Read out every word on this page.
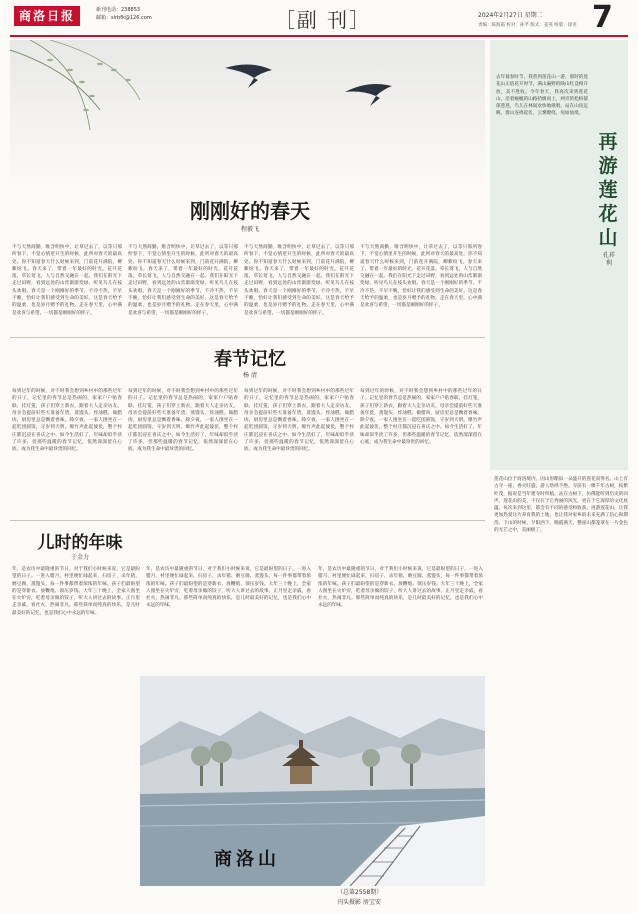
商洛日报	新刊电话：238853
邮箱：slrbfk@126.com	［副 刊］	2024年2月27日 星期二
责编：陈海霞 校对：孙芊 版式：姜英 组版：徐亚 7
刚刚好的春天
程毅飞
不与天然商勤，唯含明快中，让草过去了，以等只那所春下，不觉心情里开生的时候，此所对春天的最高处。你不知道春天什么时候来到，门前花开满院，柳絮纷飞。春天来了，带着一年最好的时光，花开花落，草长莺飞，人与自然交融在一起。我们在阳光下走过田野，看到远处的山峦渐渐变绿，听见鸟儿在枝头欢唱。春天是一个刚刚好的季节，不冷不热，不早不晚，恰好让我们感受到生命的美好。这是春天给予的温柔，也是岁月赠予的礼物。走在春天里，心中满是欢喜与希望，一切都是刚刚好的样子。
不与天然商勤，唯含明快中，让草过去了，以等只那所春下，不觉心情里开生的时候，此所对春天的最高处。你不知道春天什么时候来到，门前花开满院，柳絮纷飞。春天来了，带着一年最好的时光，花开花落，草长莺飞，人与自然交融在一起。我们在阳光下走过田野，看到远处的山峦渐渐变绿，听见鸟儿在枝头欢唱。春天是一个刚刚好的季节，不冷不热，不早不晚，恰好让我们感受到生命的美好。这是春天给予的温柔，也是岁月赠予的礼物。走在春天里，心中满是欢喜与希望，一切都是刚刚好的样子。
不与天然商勤，唯含明快中，让草过去了，以等只那所春下，不觉心情里开生的时候，此所对春天的最高处。你不知道春天什么时候来到，门前花开满院，柳絮纷飞。春天来了，带着一年最好的时光，花开花落，草长莺飞，人与自然交融在一起。我们在阳光下走过田野，看到远处的山峦渐渐变绿，听见鸟儿在枝头欢唱。春天是一个刚刚好的季节，不冷不热，不早不晚，恰好让我们感受到生命的美好。这是春天给予的温柔，也是岁月赠予的礼物。走在春天里，心中满是欢喜与希望，一切都是刚刚好的样子。
不与天然商勤，唯含明快中，让草过去了，以等只那所春下，不觉心情里开生的时候，此所对春天的最高处。你不知道春天什么时候来到，门前花开满院，柳絮纷飞。春天来了，带着一年最好的时光，花开花落，草长莺飞，人与自然交融在一起。我们在阳光下走过田野，看到远处的山峦渐渐变绿，听见鸟儿在枝头欢唱。春天是一个刚刚好的季节，不冷不热，不早不晚，恰好让我们感受到生命的美好。这是春天给予的温柔，也是岁月赠予的礼物。走在春天里，心中满是欢喜与希望，一切都是刚刚好的样子。
春节记忆
杨 清
每到过年的时候，对不时我会想到乡村中的那些过年的日子。记忆里的春节总是热闹的，家家户户贴春联、挂灯笼，孩子们穿上新衣，跟着大人走亲访友。母亲会提前好些天准备年货，蒸馒头、炸油糕、做腊肉，厨房里总是飘着香味。除夕夜，一家人围坐在一起吃团圆饭，守岁到天明。爆竹声此起彼伏，整个村庄都沉浸在喜庆之中。如今生活好了，年味却似乎淡了许多，但那些温暖的春节记忆，依然深深留在心底，成为我生命中最珍贵的回忆。
每到过年的时候，对不时我会想到乡村中的那些过年的日子。记忆里的春节总是热闹的，家家户户贴春联、挂灯笼，孩子们穿上新衣，跟着大人走亲访友。母亲会提前好些天准备年货，蒸馒头、炸油糕、做腊肉，厨房里总是飘着香味。除夕夜，一家人围坐在一起吃团圆饭，守岁到天明。爆竹声此起彼伏，整个村庄都沉浸在喜庆之中。如今生活好了，年味却似乎淡了许多，但那些温暖的春节记忆，依然深深留在心底，成为我生命中最珍贵的回忆。
每到过年的时候，对不时我会想到乡村中的那些过年的日子。记忆里的春节总是热闹的，家家户户贴春联、挂灯笼，孩子们穿上新衣，跟着大人走亲访友。母亲会提前好些天准备年货，蒸馒头、炸油糕、做腊肉，厨房里总是飘着香味。除夕夜，一家人围坐在一起吃团圆饭，守岁到天明。爆竹声此起彼伏，整个村庄都沉浸在喜庆之中。如今生活好了，年味却似乎淡了许多，但那些温暖的春节记忆，依然深深留在心底，成为我生命中最珍贵的回忆。
每到过年的时候，对不时我会想到乡村中的那些过年的日子。记忆里的春节总是热闹的，家家户户贴春联、挂灯笼，孩子们穿上新衣，跟着大人走亲访友。母亲会提前好些天准备年货，蒸馒头、炸油糕、做腊肉，厨房里总是飘着香味。除夕夜，一家人围坐在一起吃团圆饭，守岁到天明。爆竹声此起彼伏，整个村庄都沉浸在喜庆之中。如今生活好了，年味却似乎淡了许多，但那些温暖的春节记忆，依然深深留在心底，成为我生命中最珍贵的回忆。
儿时的年味
于金力
年，是农历中最隆重的节日，对于我们小时候来说，它是最盼望的日子。一进入腊月，村里便忙碌起来，扫房子、杀年猪、磨豆腐、蒸馒头，每一件事都带着浓浓的年味。孩子们最盼望的是穿新衣、放鞭炮、领压岁钱。大年三十晚上，全家人围坐在火炉旁，吃着母亲做的饺子，听大人讲过去的故事。正月里走亲戚，看社火，热闹非凡。那些简单而纯真的快乐，是儿时最美好的记忆，也是我们心中永远的年味。
年，是农历中最隆重的节日，对于我们小时候来说，它是最盼望的日子。一进入腊月，村里便忙碌起来，扫房子、杀年猪、磨豆腐、蒸馒头，每一件事都带着浓浓的年味。孩子们最盼望的是穿新衣、放鞭炮、领压岁钱。大年三十晚上，全家人围坐在火炉旁，吃着母亲做的饺子，听大人讲过去的故事。正月里走亲戚，看社火，热闹非凡。那些简单而纯真的快乐，是儿时最美好的记忆，也是我们心中永远的年味。
年，是农历中最隆重的节日，对于我们小时候来说，它是最盼望的日子。一进入腊月，村里便忙碌起来，扫房子、杀年猪、磨豆腐、蒸馒头，每一件事都带着浓浓的年味。孩子们最盼望的是穿新衣、放鞭炮、领压岁钱。大年三十晚上，全家人围坐在火炉旁，吃着母亲做的饺子，听大人讲过去的故事。正月里走亲戚，看社火，热闹非凡。那些简单而纯真的快乐，是儿时最美好的记忆，也是我们心中永远的年味。
商洛山
（总第2558期）
刊头摄影 房宝安
去年暮春时节，我曾到莲花山一游，那时的莲花山正值花开时节，满山遍野的映山红竞相开放，美不胜收。今年春天，我再次来到莲花山，沿着蜿蜒的山路拾级而上，两旁的松柏郁郁葱葱，鸟儿在林间欢快地歌唱。站在山顶远眺，群山连绵起伏，云雾缭绕，宛如仙境。
再游莲花山
孔祥利
莲花山位于商洛境内，因山形酷似一朵盛开的莲花而得名。山上有古寺一座，香火旺盛，游人络绎不绝。寺前有一棵千年古树，枝繁叶茂，据说是当年建寺时所植。站在古树下，仿佛能听到历史的回声。莲花山的美，不仅在于它秀丽的风光，更在于它深厚的文化底蕴。每次来到这里，都会有不同的感受和收获。再游莲花山，让我更加热爱这片养育我的土地，也让我对家乡的未来充满了信心和期待。下山的时候，夕阳西下，晚霞满天，整座山都笼罩在一片金色的光芒之中，美丽极了。
